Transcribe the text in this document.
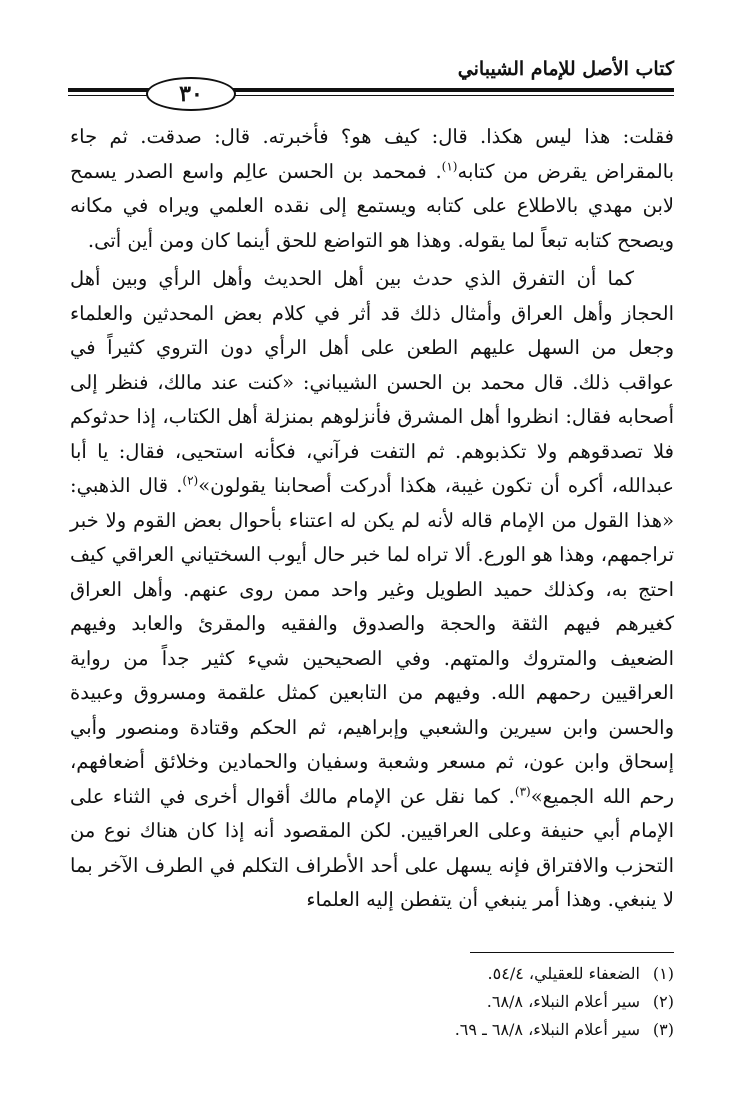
كتاب الأصل للإمام الشيباني
٣٠

فقلت: هذا ليس هكذا. قال: كيف هو؟ فأخبرته. قال: صدقت. ثم جاء بالمقراض يقرض من كتابه$^{(١)}$. فمحمد بن الحسن عالِم واسع الصدر يسمح لابن مهدي بالاطلاع على كتابه ويستمع إلى نقده العلمي ويراه في مكانه ويصحح كتابه تبعاً لما يقوله. وهذا هو التواضع للحق أينما كان ومن أين أتى.

كما أن التفرق الذي حدث بين أهل الحديث وأهل الرأي وبين أهل الحجاز وأهل العراق وأمثال ذلك قد أثر في كلام بعض المحدثين والعلماء وجعل من السهل عليهم الطعن على أهل الرأي دون التروي كثيراً في عواقب ذلك. قال محمد بن الحسن الشيباني: «كنت عند مالك، فنظر إلى أصحابه فقال: انظروا أهل المشرق فأنزلوهم بمنزلة أهل الكتاب، إذا حدثوكم فلا تصدقوهم ولا تكذبوهم. ثم التفت فرآني، فكأنه استحيى، فقال: يا أبا عبدالله، أكره أن تكون غيبة، هكذا أدركت أصحابنا يقولون»$^{(٢)}$. قال الذهبي: «هذا القول من الإمام قاله لأنه لم يكن له اعتناء بأحوال بعض القوم ولا خبر تراجمهم، وهذا هو الورع. ألا تراه لما خبر حال أيوب السختياني العراقي كيف احتج به، وكذلك حميد الطويل وغير واحد ممن روى عنهم. وأهل العراق كغيرهم فيهم الثقة والحجة والصدوق والفقيه والمقرئ والعابد وفيهم الضعيف والمتروك والمتهم. وفي الصحيحين شيء كثير جداً من رواية العراقيين رحمهم الله. وفيهم من التابعين كمثل علقمة ومسروق وعبيدة والحسن وابن سيرين والشعبي وإبراهيم، ثم الحكم وقتادة ومنصور وأبي إسحاق وابن عون، ثم مسعر وشعبة وسفيان والحمادين وخلائق أضعافهم، رحم الله الجميع»$^{(٣)}$. كما نقل عن الإمام مالك أقوال أخرى في الثناء على الإمام أبي حنيفة وعلى العراقيين. لكن المقصود أنه إذا كان هناك نوع من التحزب والافتراق فإنه يسهل على أحد الأطراف التكلم في الطرف الآخر بما لا ينبغي. وهذا أمر ينبغي أن يتفطن إليه العلماء

(١)الضعفاء للعقيلي، ٥٤/٤.
(٢)سير أعلام النبلاء، ٦٨/٨.
(٣)سير أعلام النبلاء، ٦٨/٨ ـ ٦٩.
